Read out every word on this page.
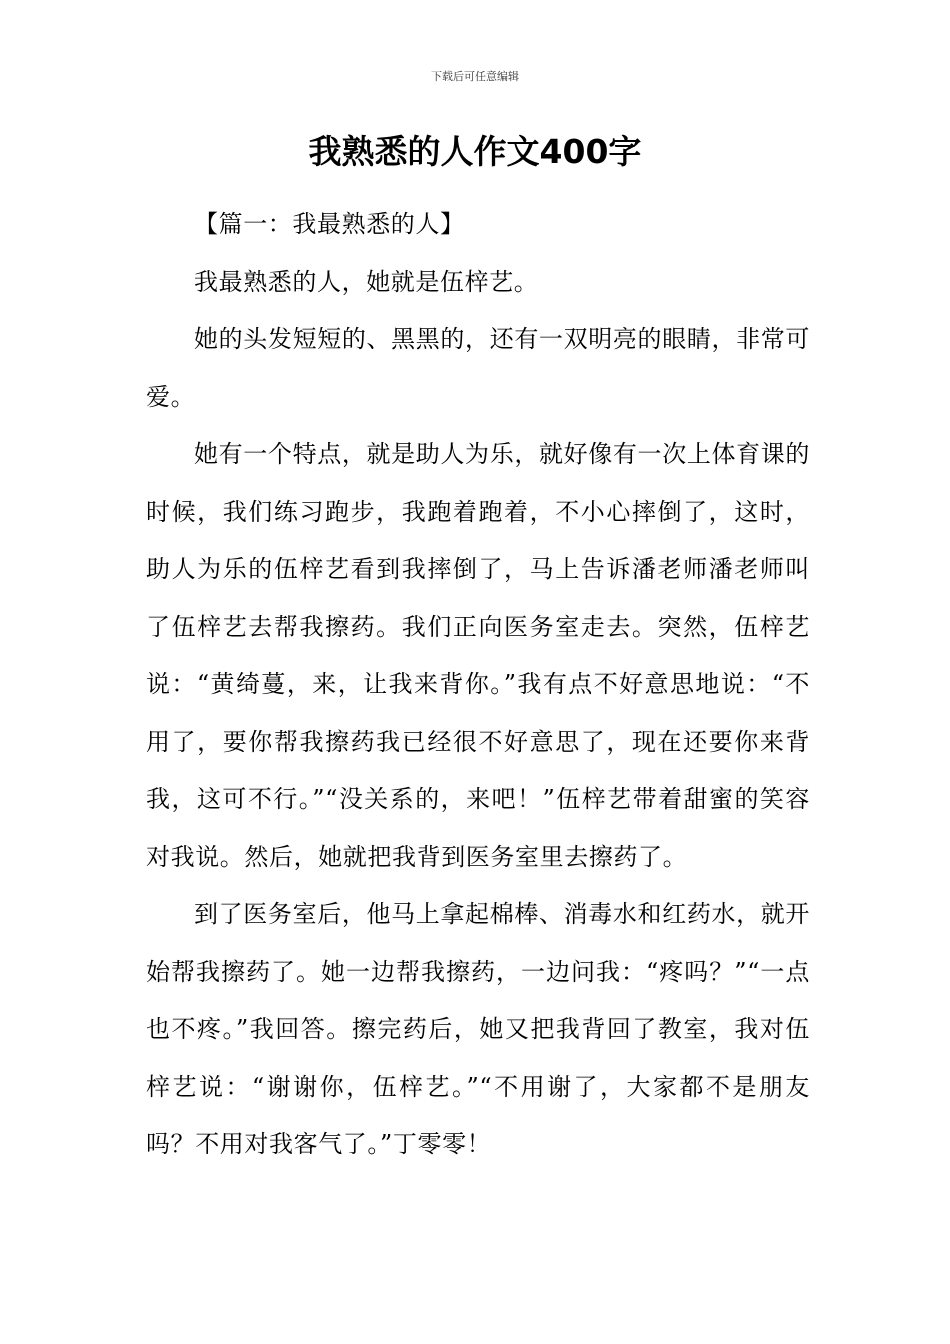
下载后可任意编辑
我熟悉的人作文400字

【篇一：我最熟悉的人】

我最熟悉的人，她就是伍梓艺。

她的头发短短的、黑黑的，还有一双明亮的眼睛，非常可爱。

她有一个特点，就是助人为乐，就好像有一次上体育课的时候，我们练习跑步，我跑着跑着，不小心摔倒了，这时，助人为乐的伍梓艺看到我摔倒了，马上告诉潘老师潘老师叫了伍梓艺去帮我擦药。我们正向医务室走去。突然，伍梓艺说：“黄绮蔓，来，让我来背你。”我有点不好意思地说：“不用了，要你帮我擦药我已经很不好意思了，现在还要你来背我，这可不行。”“没关系的，来吧！”伍梓艺带着甜蜜的笑容对我说。然后，她就把我背到医务室里去擦药了。

到了医务室后，他马上拿起棉棒、消毒水和红药水，就开始帮我擦药了。她一边帮我擦药，一边问我：“疼吗？”“一点也不疼。”我回答。擦完药后，她又把我背回了教室，我对伍梓艺说：“谢谢你，伍梓艺。”“不用谢了，大家都不是朋友吗？不用对我客气了。”丁零零！
